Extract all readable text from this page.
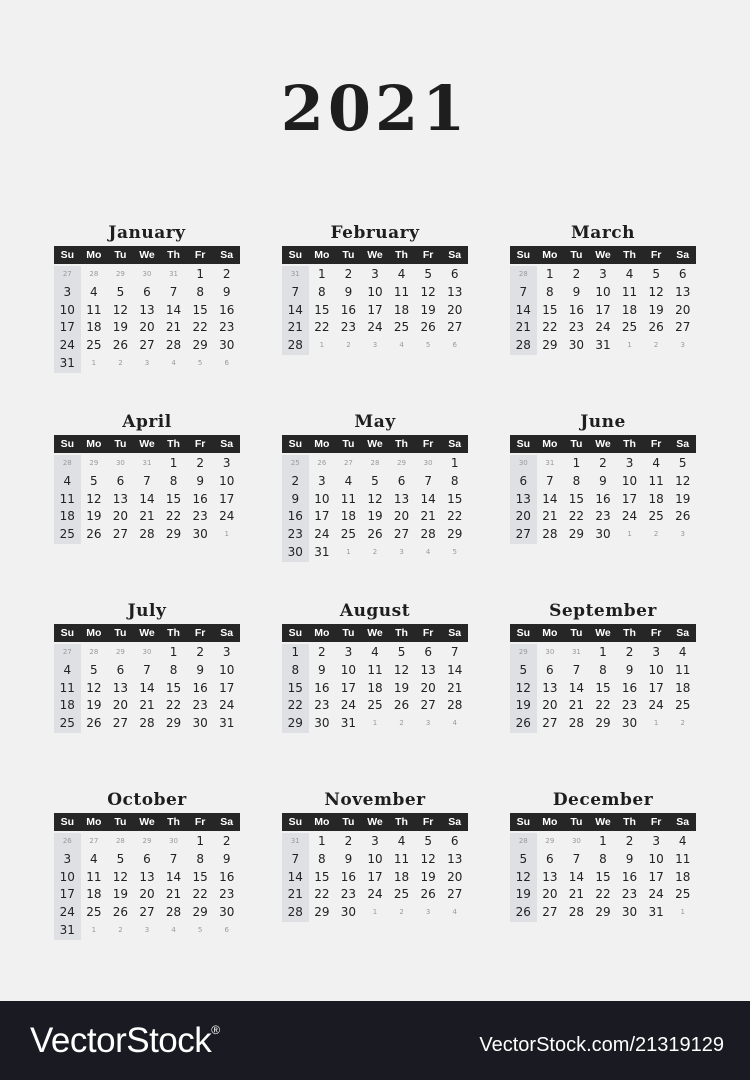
2021
January
Su	Mo	Tu	We	Th	Fr	Sa
27	28	29	30	31	1	2
3	4	5	6	7	8	9
10 11 12 13 14 15 16
17 18 19 20 21 22 23
24 25 26 27 28 29 30
31	1	2	3	4	5	6
February
Su	Mo	Tu	We	Th	Fr	Sa
31	1	2	3	4	5	6
7	8	9	10 11 12 13
14 15 16 17 18 19 20
21 22 23 24 25 26 27
28	1	2	3	4	5	6
March
Su	Mo	Tu	We	Th	Fr	Sa
28	1	2	3	4	5	6
7	8	9	10 11 12 13
14 15 16 17 18 19 20
21 22 23 24 25 26 27
28 29 30 31	1	2	3
April
Su	Mo	Tu	We	Th	Fr	Sa
28	29	30	31	1	2	3
4	5	6	7	8	9	10
11 12 13 14 15 16 17
18 19 20 21 22 23 24
25 26 27 28 29 30	1
May
Su	Mo	Tu	We	Th	Fr	Sa
25	26	27	28	29	30	1
2	3	4	5	6	7	8
9	10 11 12 13 14 15
16 17 18 19 20 21 22
23 24 25 26 27 28 29
30 31	1	2	3	4	5
June
Su	Mo	Tu	We	Th	Fr	Sa
30	31	1	2	3	4	5
6	7	8	9	10 11 12
13 14 15 16 17 18 19
20 21 22 23 24 25 26
27 28 29 30	1	2	3
July
Su	Mo	Tu	We	Th	Fr	Sa
27	28	29	30	1	2	3
4	5	6	7	8	9	10
11 12 13 14 15 16 17
18 19 20 21 22 23 24
25 26 27 28 29 30 31
August
Su	Mo	Tu	We	Th	Fr	Sa
1	2	3	4	5	6	7
8	9	10 11 12 13 14
15 16 17 18 19 20 21
22 23 24 25 26 27 28
29 30 31	1	2	3	4
September
Su	Mo	Tu	We	Th	Fr	Sa
29	30	31	1	2	3	4
5	6	7	8	9	10 11
12 13 14 15 16 17 18
19 20 21 22 23 24 25
26 27 28 29 30	1	2
October
Su	Mo	Tu	We	Th	Fr	Sa
26	27	28	29	30	1	2
3	4	5	6	7	8	9
10 11 12 13 14 15 16
17 18 19 20 21 22 23
24 25 26 27 28 29 30
31	1	2	3	4	5	6
November
Su	Mo	Tu	We	Th	Fr	Sa
31	1	2	3	4	5	6
7	8	9	10 11 12 13
14 15 16 17 18 19 20
21 22 23 24 25 26 27
28 29 30	1	2	3	4
December
Su	Mo	Tu	We	Th	Fr	Sa
28	29	30	1	2	3	4
5	6	7	8	9	10 11
12 13 14 15 16 17 18
19 20 21 22 23 24 25
26 27 28 29 30 31	1
VectorStock®
VectorStock.com/21319129
